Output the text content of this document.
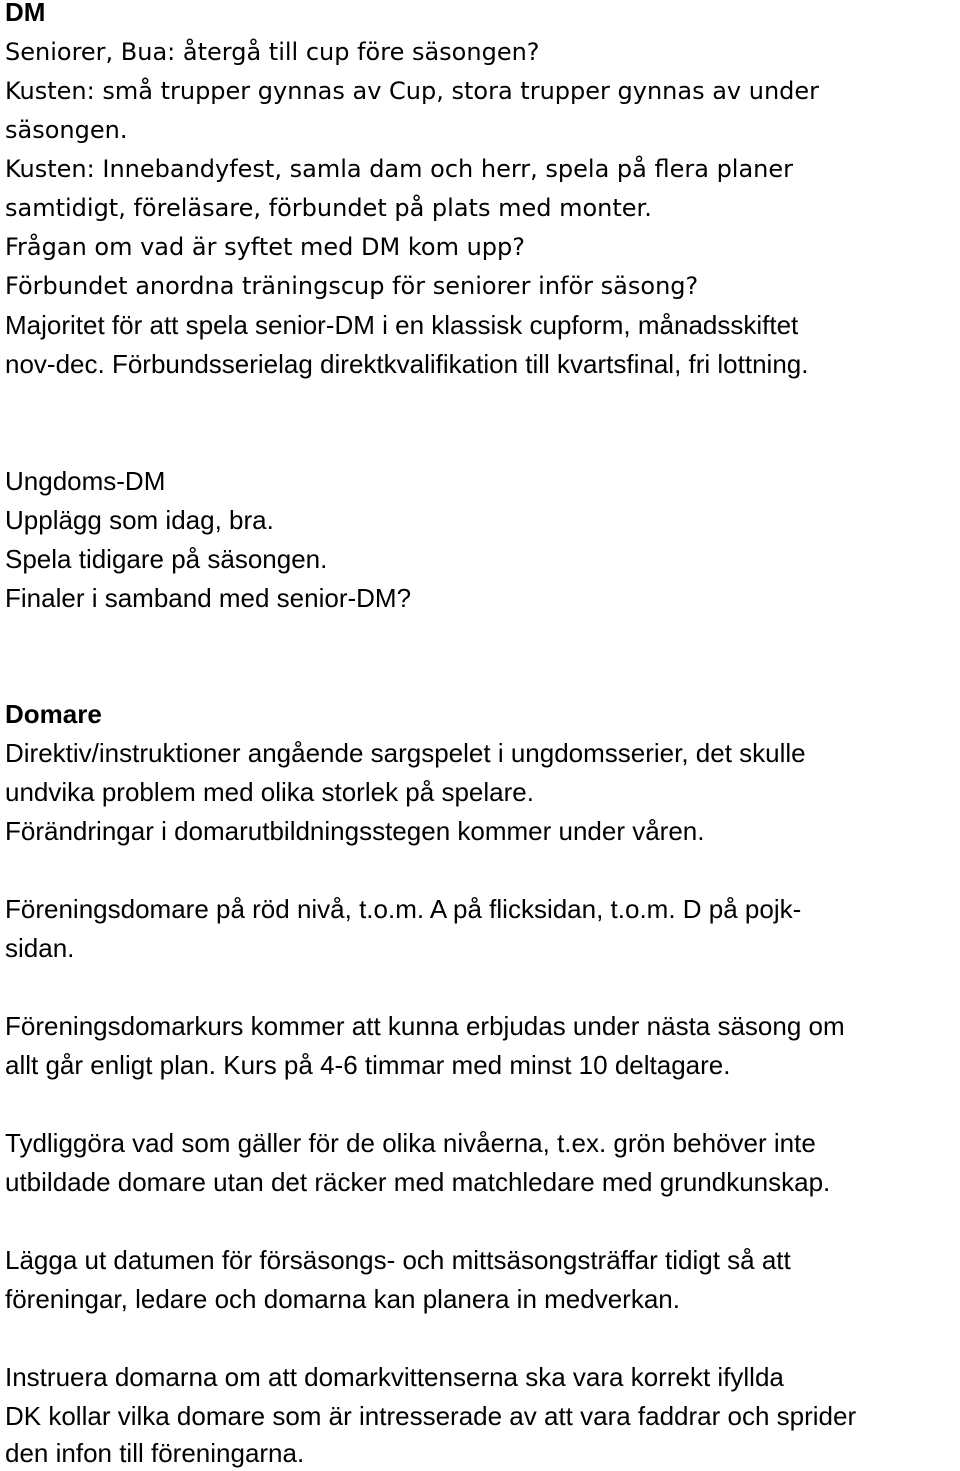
DM
Seniorer, Bua: återgå till cup före säsongen?
Kusten: små trupper gynnas av Cup, stora trupper gynnas av under
säsongen.
Kusten: Innebandyfest, samla dam och herr, spela på flera planer
samtidigt, föreläsare, förbundet på plats med monter.
Frågan om vad är syftet med DM kom upp?
Förbundet anordna träningscup för seniorer inför säsong?
Majoritet för att spela senior-DM i en klassisk cupform, månadsskiftet
nov-dec. Förbundsserielag direktkvalifikation till kvartsfinal, fri lottning.
Ungdoms-DM
Upplägg som idag, bra.
Spela tidigare på säsongen.
Finaler i samband med senior-DM?
Domare
Direktiv/instruktioner angående sargspelet i ungdomsserier, det skulle
undvika problem med olika storlek på spelare.
Förändringar i domarutbildningsstegen kommer under våren.
Föreningsdomare på röd nivå, t.o.m. A på flicksidan, t.o.m. D på pojk-
sidan.
Föreningsdomarkurs kommer att kunna erbjudas under nästa säsong om
allt går enligt plan. Kurs på 4-6 timmar med minst 10 deltagare.
Tydliggöra vad som gäller för de olika nivåerna, t.ex. grön behöver inte
utbildade domare utan det räcker med matchledare med grundkunskap.
Lägga ut datumen för försäsongs- och mittsäsongsträffar tidigt så att
föreningar, ledare och domarna kan planera in medverkan.
Instruera domarna om att domarkvittenserna ska vara korrekt ifyllda
DK kollar vilka domare som är intresserade av att vara faddrar och sprider
den infon till föreningarna.
